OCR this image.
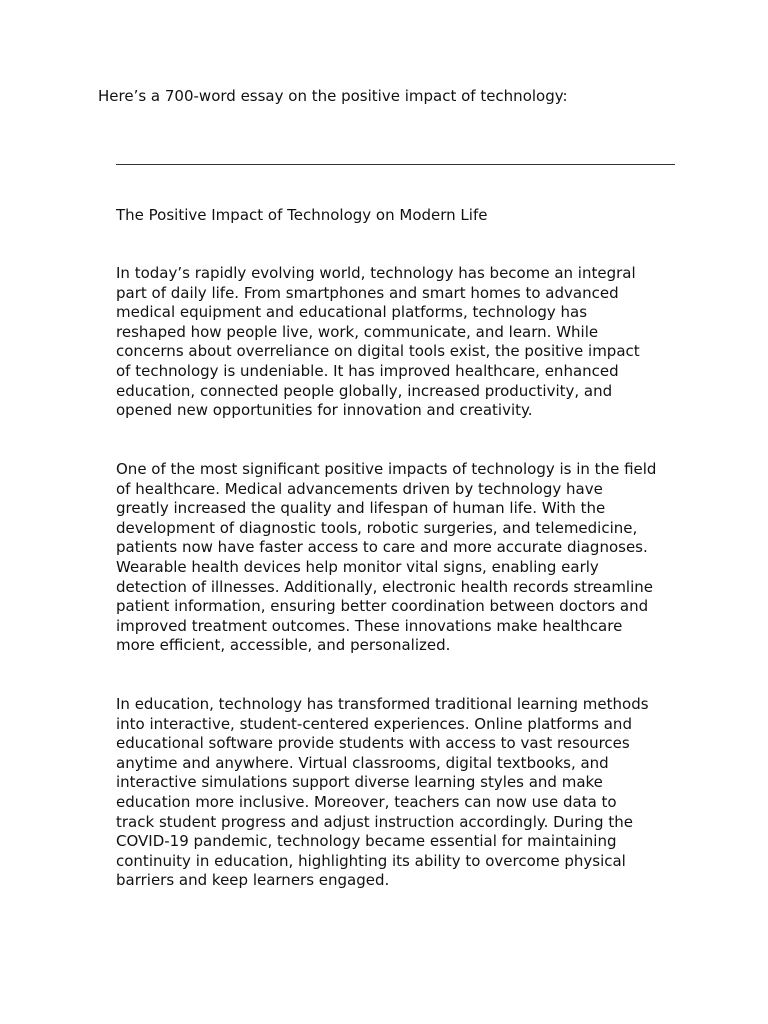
Here’s a 700-word essay on the positive impact of technology:

The Positive Impact of Technology on Modern Life

In today’s rapidly evolving world, technology has become an integral
part of daily life. From smartphones and smart homes to advanced
medical equipment and educational platforms, technology has
reshaped how people live, work, communicate, and learn. While
concerns about overreliance on digital tools exist, the positive impact
of technology is undeniable. It has improved healthcare, enhanced
education, connected people globally, increased productivity, and
opened new opportunities for innovation and creativity.

One of the most significant positive impacts of technology is in the field
of healthcare. Medical advancements driven by technology have
greatly increased the quality and lifespan of human life. With the
development of diagnostic tools, robotic surgeries, and telemedicine,
patients now have faster access to care and more accurate diagnoses.
Wearable health devices help monitor vital signs, enabling early
detection of illnesses. Additionally, electronic health records streamline
patient information, ensuring better coordination between doctors and
improved treatment outcomes. These innovations make healthcare
more efficient, accessible, and personalized.

In education, technology has transformed traditional learning methods
into interactive, student-centered experiences. Online platforms and
educational software provide students with access to vast resources
anytime and anywhere. Virtual classrooms, digital textbooks, and
interactive simulations support diverse learning styles and make
education more inclusive. Moreover, teachers can now use data to
track student progress and adjust instruction accordingly. During the
COVID-19 pandemic, technology became essential for maintaining
continuity in education, highlighting its ability to overcome physical
barriers and keep learners engaged.
